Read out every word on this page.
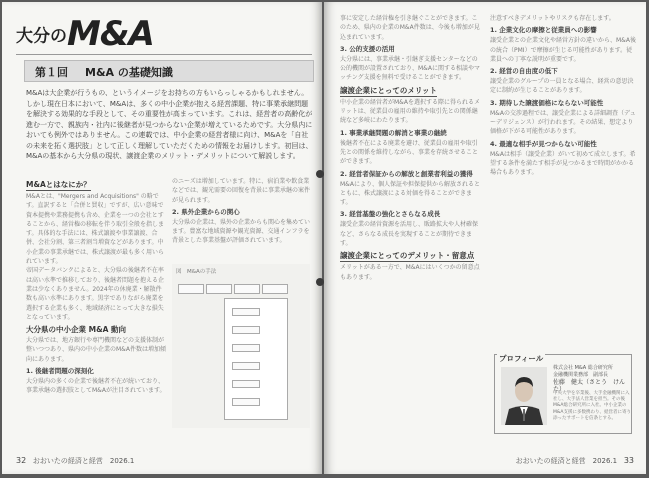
大分のM&A
第１回 M&A の基礎知識
M&Aは大企業が行うもの、というイメージをお持ちの方もいらっしゃるかもしれません。しかし現在日本において、M&Aは、多くの中小企業が抱える経営課題、特に事業承継問題を解決する効果的な手段として、その重要性が高まっています。これは、経営者の高齢化が進む一方で、親族内・社内に後継者が見つからない企業が増えているためです。大分県内においても例外ではありません。この連載では、中小企業の経営者様に向け、M&Aを「自社の未来を拓く選択肢」として正しく理解していただくための情報をお届けします。初回は、M&Aの基本から大分県の現状、譲渡企業のメリット・デメリットについて解説します。
M&Aとはなにか？

M&Aとは、"Mergers and Acquisitions" の略です。直訳すると「合併と買収」ですが、広い意味で資本提携や業務提携も含め、企業を一つの会社とすることから、経営権の移転を伴う取引全般を指します。具体的な手法には、株式譲渡や事業譲渡、合併、会社分割、第三者割当増資などがあります。中小企業の事業承継では、株式譲渡が最も多く用いられています。

帝国データバンクによると、大分県の後継者不在率は高い水準で推移しており、後継者問題を抱える企業は少なくありません。2024年の休廃業・解散件数も高い水準にあります。黒字でありながら廃業を選択する企業も多く、地域経済にとって大きな損失となっています。

大分県の中小企業 M&A 動向

大分県では、地方銀行や専門機関などの支援体制が整いつつあり、県内の中小企業のM&A件数は増加傾向にあります。

1. 後継者問題の深刻化

大分県内の多くの企業で後継者不在が続いており、事業承継の選択肢としてM&Aが注目されています。

のニーズは増加しています。特に、宿泊業や飲食業などでは、観光需要の回復を背景に事業承継の案件が見られます。

2. 県外企業からの関心

大分県の企業は、県外の企業からも関心を集めています。豊富な地域資源や観光資源、交通インフラを背景とした事業基盤が評価されています。

図　M&Aの手法
32 おおいたの経済と経営　2026.1

事に安定した経営権を引き継ぐことができます。このため、県内の企業のM&A件数は、今後も増加が見込まれています。

3. 公的支援の活用

大分県には、事業承継・引継ぎ支援センターなどの公的機関が設置されており、M&Aに関する相談やマッチング支援を無料で受けることができます。

譲渡企業にとってのメリット

中小企業の経営者がM&Aを選択する際に得られるメリットは、従業員の雇用の維持や取引先との関係継続など多岐にわたります。

1. 事業承継問題の解消と事業の継続

後継者不在による廃業を避け、従業員の雇用や取引先との関係を維持しながら、事業を存続させることができます。

2. 経営者保証からの解放と創業者利益の獲得

M&Aにより、個人保証や担保提供から解放されるとともに、株式譲渡による対価を得ることができます。

3. 経営基盤の強化とさらなる成長

譲受企業の経営資源を活用し、販路拡大や人材確保など、さらなる成長を実現することが期待できます。

譲渡企業にとってのデメリット・留意点

メリットがある一方で、M&Aにはいくつかの留意点もあります。

注意すべきデメリットやリスクも存在します。

1. 企業文化の摩擦と従業員への影響

譲受企業との企業文化や経営方針の違いから、M&A後の統合（PMI）で摩擦が生じる可能性があります。従業員への丁寧な説明が重要です。

2. 経営の自由度の低下

譲受企業のグループの一員となる場合、経営の意思決定に制約が生じることがあります。

3. 期待した譲渡価格にならない可能性

M&Aの交渉過程では、譲受企業による詳細調査（デューデリジェンス）が行われます。その結果、想定より価格が下がる可能性があります。

4. 最適な相手が見つからない可能性

M&Aは相手（譲受企業）がいて初めて成立します。希望する条件を満たす相手が見つかるまで時間がかかる場合もあります。

プロフィール
株式会社 M&A 総合研究所
金融機関業務部　副部長
佐藤　健太（さとう　けんた）
中央大学を卒業後、大手金融機関に入社し、大手法人営業を担当。その後M&A総合研究所に入社。中小企業のM&A支援に多数携わり、経営者に寄り添ったサポートを信条とする。
おおいたの経済と経営　2026.1 33
